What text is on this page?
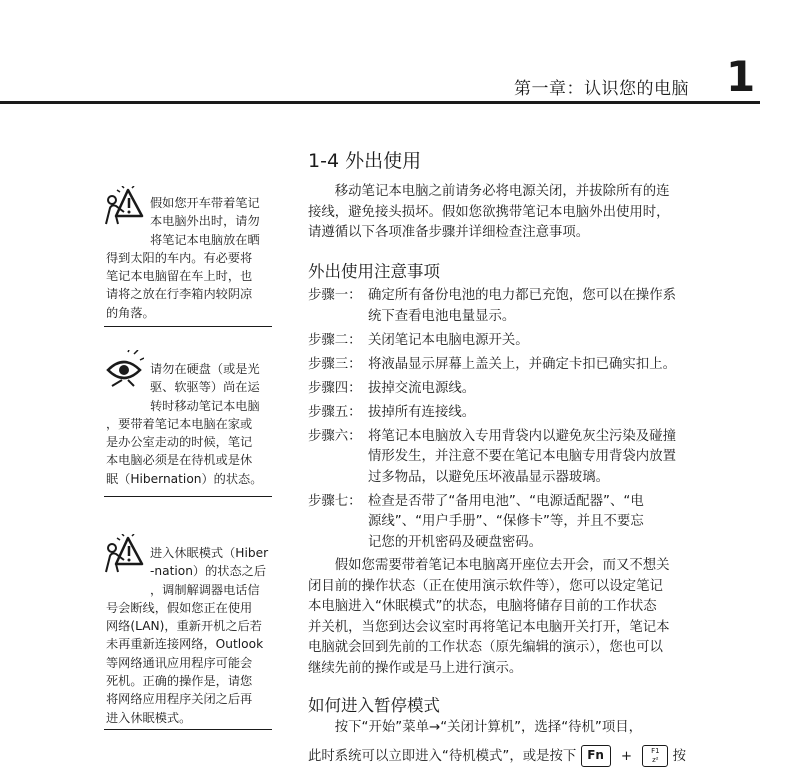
第一章：认识您的电脑 1
假如您开车带着笔记
本电脑外出时，请勿
将笔记本电脑放在晒
得到太阳的车内。有必要将
笔记本电脑留在车上时，也
请将之放在行李箱内较阴凉
的角落。
请勿在硬盘（或是光
驱、软驱等）尚在运
转时移动笔记本电脑
，要带着笔记本电脑在家或
是办公室走动的时候，笔记
本电脑必须是在待机或是休
眠（Hibernation）的状态。
进入休眠模式（Hiber
-nation）的状态之后
，调制解调器电话信
号会断线，假如您正在使用
网络(LAN)，重新开机之后若
未再重新连接网络，Outlook
等网络通讯应用程序可能会
死机。正确的操作是，请您
将网络应用程序关闭之后再
进入休眠模式。
1-4 外出使用
　　移动笔记本电脑之前请务必将电源关闭，并拔除所有的连
接线，避免接头损坏。假如您欲携带笔记本电脑外出使用时，
请遵循以下各项准备步骤并详细检查注意事项。
外出使用注意事项
步骤一： 确定所有备份电池的电力都已充饱，您可以在操作系
统下查看电池电量显示。
步骤二： 关闭笔记本电脑电源开关。
步骤三： 将液晶显示屏幕上盖关上，并确定卡扣已确实扣上。
步骤四： 拔掉交流电源线。
步骤五： 拔掉所有连接线。
步骤六： 将笔记本电脑放入专用背袋内以避免灰尘污染及碰撞
情形发生，并注意不要在笔记本电脑专用背袋内放置
过多物品，以避免压坏液晶显示器玻璃。
步骤七： 检查是否带了“备用电池”、“电源适配器”、“电
源线”、“用户手册”、“保修卡”等，并且不要忘
记您的开机密码及硬盘密码。
　　假如您需要带着笔记本电脑离开座位去开会，而又不想关
闭目前的操作状态（正在使用演示软件等），您可以设定笔记
本电脑进入“休眠模式”的状态，电脑将储存目前的工作状态
并关机，当您到达会议室时再将笔记本电脑开关打开，笔记本
电脑就会回到先前的工作状态（原先编辑的演示），您也可以
继续先前的操作或是马上进行演示。
如何进入暂停模式
　　按下“开始”菜单→“关闭计算机”，选择“待机”项目，
此时系统可以立即进入“待机模式”，或是按下 Fn +	F1
z²	按
